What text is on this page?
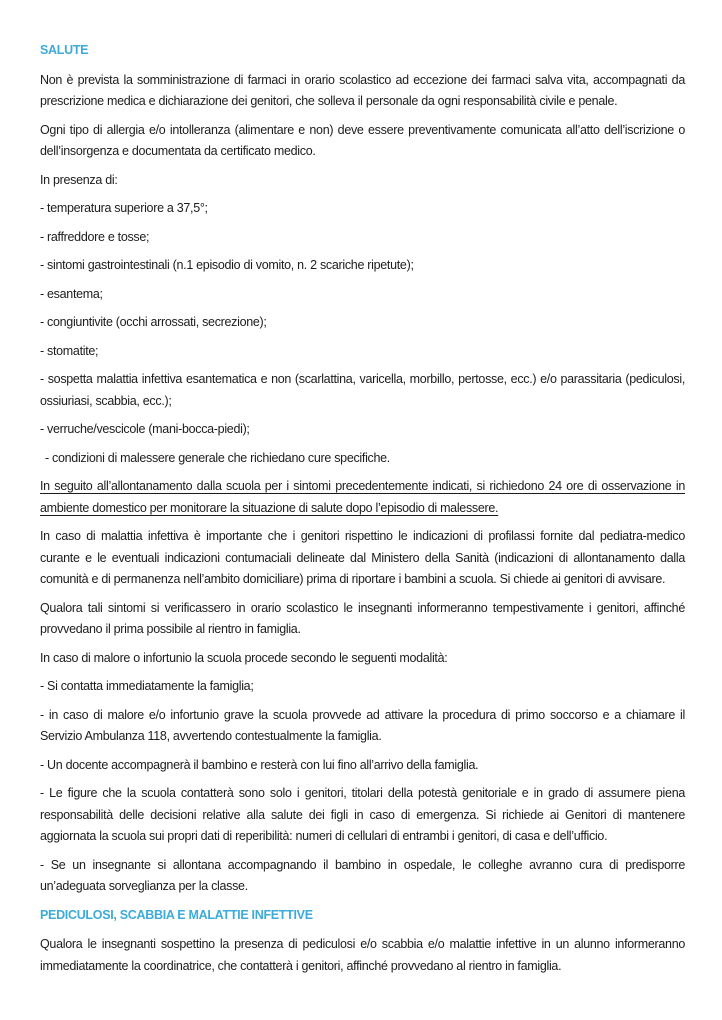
SALUTE

Non è prevista la somministrazione di farmaci in orario scolastico ad eccezione dei farmaci salva vita, accompagnati da prescrizione medica e dichiarazione dei genitori, che solleva il personale da ogni responsabilità civile e penale.

Ogni tipo di allergia e/o intolleranza (alimentare e non) deve essere preventivamente comunicata all’atto dell’iscrizione o dell’insorgenza e documentata da certificato medico.

In presenza di:

- temperatura superiore a 37,5°;

- raffreddore e tosse;

- sintomi gastrointestinali (n.1 episodio di vomito, n. 2 scariche ripetute);

- esantema;

- congiuntivite (occhi arrossati, secrezione);

- stomatite;

- sospetta malattia infettiva esantematica e non (scarlattina, varicella, morbillo, pertosse, ecc.) e/o parassitaria (pediculosi, ossiuriasi, scabbia, ecc.);

- verruche/vescicole (mani-bocca-piedi);

- condizioni di malessere generale che richiedano cure specifiche.

In seguito all’allontanamento dalla scuola per i sintomi precedentemente indicati, si richiedono 24 ore di osservazione in ambiente domestico per monitorare la situazione di salute dopo l’episodio di malessere.

In caso di malattia infettiva è importante che i genitori rispettino le indicazioni di profilassi fornite dal pediatra-medico curante e le eventuali indicazioni contumaciali delineate dal Ministero della Sanità (indicazioni di allontanamento dalla comunità e di permanenza nell’ambito domiciliare) prima di riportare i bambini a scuola. Si chiede ai genitori di avvisare.

Qualora tali sintomi si verificassero in orario scolastico le insegnanti informeranno tempestivamente i genitori, affinché provvedano il prima possibile al rientro in famiglia.

In caso di malore o infortunio la scuola procede secondo le seguenti modalità:

- Si contatta immediatamente la famiglia;

- in caso di malore e/o infortunio grave la scuola provvede ad attivare la procedura di primo soccorso e a chiamare il Servizio Ambulanza 118, avvertendo contestualmente la famiglia.

- Un docente accompagnerà il bambino e resterà con lui fino all’arrivo della famiglia.

- Le figure che la scuola contatterà sono solo i genitori, titolari della potestà genitoriale e in grado di assumere piena responsabilità delle decisioni relative alla salute dei figli in caso di emergenza. Si richiede ai Genitori di mantenere aggiornata la scuola sui propri dati di reperibilità: numeri di cellulari di entrambi i genitori, di casa e dell’ufficio.

- Se un insegnante si allontana accompagnando il bambino in ospedale, le colleghe avranno cura di predisporre un’adeguata sorveglianza per la classe.

PEDICULOSI, SCABBIA E MALATTIE INFETTIVE

Qualora le insegnanti sospettino la presenza di pediculosi e/o scabbia e/o malattie infettive in un alunno informeranno immediatamente la coordinatrice, che contatterà i genitori, affinché provvedano al rientro in famiglia.
